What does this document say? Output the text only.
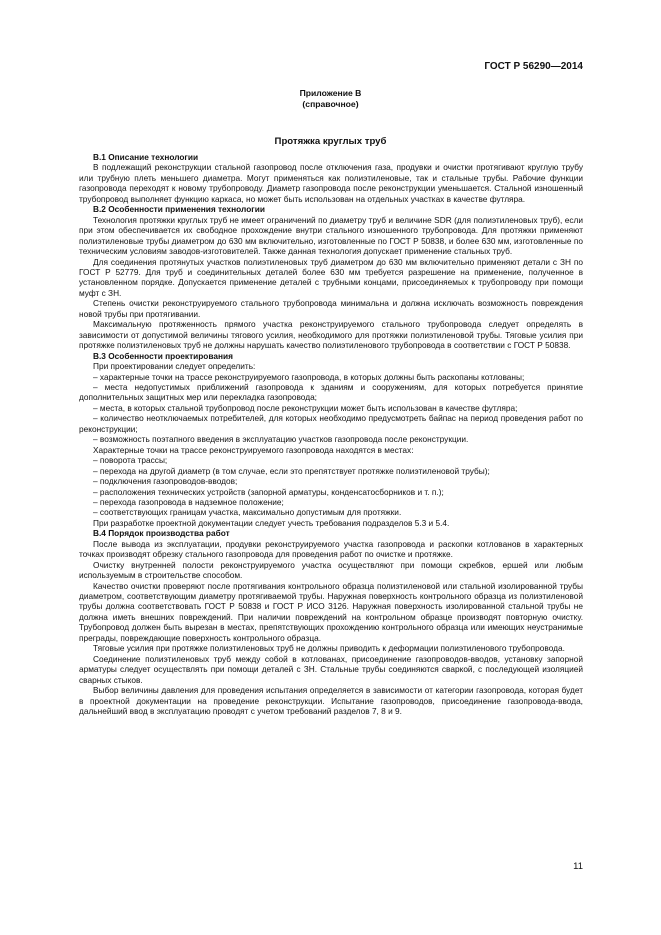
ГОСТ Р 56290—2014
Приложение В
(справочное)
Протяжка круглых труб
В.1 Описание технологии

В подлежащий реконструкции стальной газопровод после отключения газа, продувки и очистки протягивают круглую трубу или трубную плеть меньшего диаметра. Могут применяться как полиэтиленовые, так и стальные трубы. Рабочие функции газопровода переходят к новому трубопроводу. Диаметр газопровода после реконструкции уменьшается. Стальной изношенный трубопровод выполняет функцию каркаса, но может быть использован на отдельных участках в качестве футляра.

В.2 Особенности применения технологии

Технология протяжки круглых труб не имеет ограничений по диаметру труб и величине SDR (для полиэтиленовых труб), если при этом обеспечивается их свободное прохождение внутри стального изношенного трубопровода. Для протяжки применяют полиэтиленовые трубы диаметром до 630 мм включительно, изготовленные по ГОСТ Р 50838, и более 630 мм, изготовленные по техническим условиям заводов-изготовителей. Также данная технология допускает применение стальных труб.

Для соединения протянутых участков полиэтиленовых труб диаметром до 630 мм включительно применяют детали с ЗН по ГОСТ Р 52779. Для труб и соединительных деталей более 630 мм требуется разрешение на применение, полученное в установленном порядке. Допускается применение деталей с трубными концами, присоединяемых к трубопроводу при помощи муфт с ЗН.

Степень очистки реконструируемого стального трубопровода минимальна и должна исключать возможность повреждения новой трубы при протягивании.

Максимальную протяженность прямого участка реконструируемого стального трубопровода следует определять в зависимости от допустимой величины тягового усилия, необходимого для протяжки полиэтиленовой трубы. Тяговые усилия при протяжке полиэтиленовых труб не должны нарушать качество полиэтиленового трубопровода в соответствии с ГОСТ Р 50838.

В.3 Особенности проектирования

При проектировании следует определить:

– характерные точки на трассе реконструируемого газопровода, в которых должны быть раскопаны котлованы;

– места недопустимых приближений газопровода к зданиям и сооружениям, для которых потребуется принятие дополнительных защитных мер или перекладка газопровода;

– места, в которых стальной трубопровод после реконструкции может быть использован в качестве футляра;

– количество неотключаемых потребителей, для которых необходимо предусмотреть байпас на период проведения работ по реконструкции;

– возможность поэтапного введения в эксплуатацию участков газопровода после реконструкции.

Характерные точки на трассе реконструируемого газопровода находятся в местах:

– поворота трассы;

– перехода на другой диаметр (в том случае, если это препятствует протяжке полиэтиленовой трубы);

– подключения газопроводов-вводов;

– расположения технических устройств (запорной арматуры, конденсатосборников и т. п.);

– перехода газопровода в надземное положение;

– соответствующих границам участка, максимально допустимым для протяжки.

При разработке проектной документации следует учесть требования подразделов 5.3 и 5.4.

В.4 Порядок производства работ

После вывода из эксплуатации, продувки реконструируемого участка газопровода и раскопки котлованов в характерных точках производят обрезку стального газопровода для проведения работ по очистке и протяжке.

Очистку внутренней полости реконструируемого участка осуществляют при помощи скребков, ершей или любым используемым в строительстве способом.

Качество очистки проверяют после протягивания контрольного образца полиэтиленовой или стальной изолированной трубы диаметром, соответствующим диаметру протягиваемой трубы. Наружная поверхность контрольного образца из полиэтиленовой трубы должна соответствовать ГОСТ Р 50838 и ГОСТ Р ИСО 3126. Наружная поверхность изолированной стальной трубы не должна иметь внешних повреждений. При наличии повреждений на контрольном образце производят повторную очистку. Трубопровод должен быть вырезан в местах, препятствующих прохождению контрольного образца или имеющих неустранимые преграды, повреждающие поверхность контрольного образца.

Тяговые усилия при протяжке полиэтиленовых труб не должны приводить к деформации полиэтиленового трубопровода.

Соединение полиэтиленовых труб между собой в котлованах, присоединение газопроводов-вводов, установку запорной арматуры следует осуществлять при помощи деталей с ЗН. Стальные трубы соединяются сваркой, с последующей изоляцией сварных стыков.

Выбор величины давления для проведения испытания определяется в зависимости от категории газопровода, которая будет в проектной документации на проведение реконструкции. Испытание газопроводов, присоединение газопровода-ввода, дальнейший ввод в эксплуатацию проводят с учетом требований разделов 7, 8 и 9.

11
